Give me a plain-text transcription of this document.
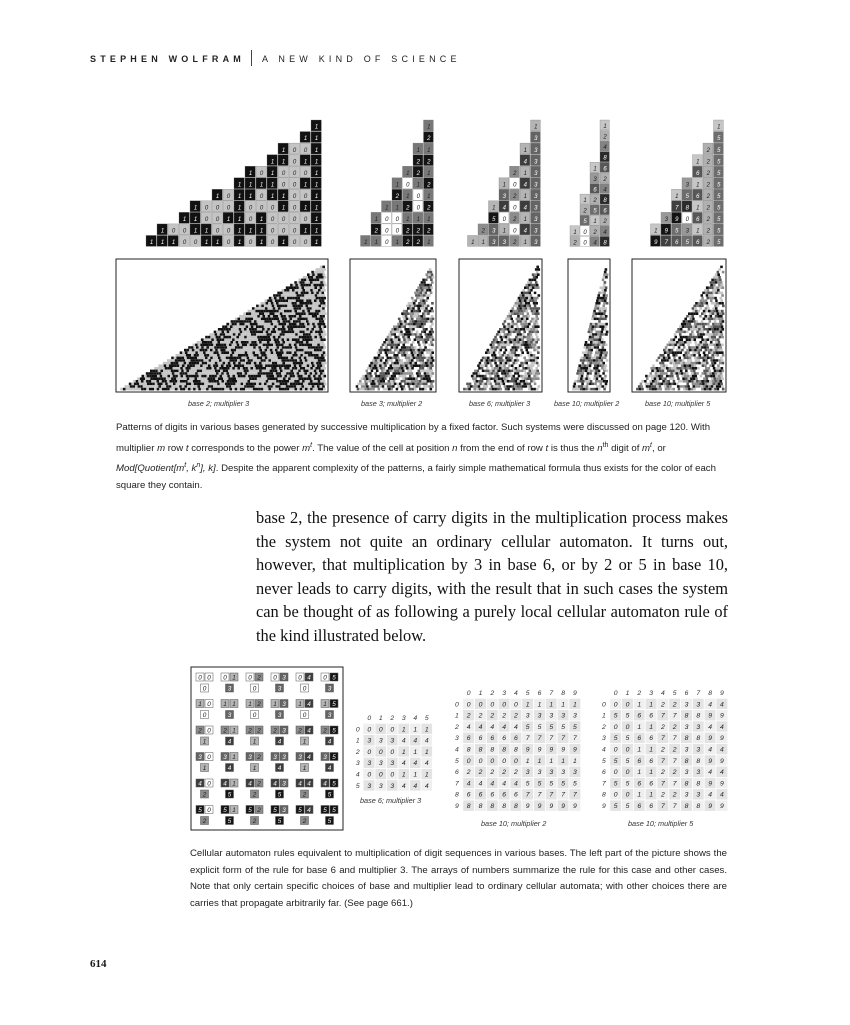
STEPHEN WOLFRAM A NEW KIND OF SCIENCE
1
1 1
1 0 0 1
1 1 0 1 1
1 0 1 0 0 0 1
1 1 1 1 0 0 1 1
1 0 1 1 0 1 1 0 0 1
1 0 0 0 1 0 0 0 1 0 1 1
1 1 0 0 1 1 0 1 0 0 0 0 1
1 0 0 1 1 0 0 1 1 1 0 0 0 1 1
1 1 1 0 0 1 1 0 1 0 1 0 1 0 0 1
1
2
1 1
2 2
1 2 1
1 0 1 2
2 1 0 1
1 1 2 0 2
1 0 0 1 1 1
2 0 0 2 2 2
1 1 0 1 2 2 1
1
3
1 3
4 3
2 1 3
1 0 4 3
3 2 1 3
1 4 0 4 3
5 0 2 1 3
2 3 1 0 4 3
1 1 3 3 2 1 3
1
2
4
8
1 6
3 2
6 4
1 2 8
2 5 6
5 1 2
1 0 2 4
2 0 4 8
1
5
2 5
1 2 5
6 2 5
3 1 2 5
1 5 6 2 5
7 8 1 2 5
3 9 0 6 2 5
1 9 5 3 1 2 5
9 7 6 5 6 2 5
base 2; multiplier 3	base 3; multiplier 2	base 6; multiplier 3	base 10; multiplier 2	base 10; multiplier 5
Patterns of digits in various bases generated by successive multiplication by a fixed factor. Such systems were discussed on page 120. With multiplier m row t corresponds to the power $m^t$. The value of the cell at position n from the end of row t is thus the $n^{th}$ digit of $m^t$, or $Mod[Quotient[m^t$, $k^n$], k]. Despite the apparent complexity of the patterns, a fairly simple mathematical formula thus exists for the color of each square they contain.
base 2, the presence of carry digits in the multiplication process makes the system not quite an ordinary cellular automaton. It turns out, however, that multiplication by 3 in base 6, or by 2 or 5 in base 10, never leads to carry digits, with the result that in such cases the system can be thought of as following a purely local cellular automaton rule of the kind illustrated below.
0 0
0
0 1
3
0 2
0
0 3
3
0 4
0
0 5
3
1 0
0
1 1
3
1 2
0
1 3
3
1 4
0
1 5
3
2 0
1
2 1
4
2 2
1
2 3
4
2 4
1
2 5
4
3 0
1
3 1
4
3 2
1
3 3
4
3 4
1
3 5
4
4 0
2
4 1
5
4 2
2
4 3
5
4 4
2
4 5
5
5 0
2
5 1
5
5 2
2
5 3
5
5 4
2
5 5
5
0 1 2 3 4 5
0 0 0 0 1 1 1
1 3 3 3 4 4 4
2 0 0 0 1 1 1
3 3 3 3 4 4 4
4 0 0 0 1 1 1
5 3 3 3 4 4 4
0 1 2 3 4 5 6 7 8 9
0 0 0 0 0 0 1 1 1 1 1
1 2 2 2 2 2 3 3 3 3 3
2 4 4 4 4 4 5 5 5 5 5
3 6 6 6 6 6 7 7 7 7 7
4 8 8 8 8 8 9 9 9 9 9
5 0 0 0 0 0 1 1 1 1 1
6 2 2 2 2 2 3 3 3 3 3
7 4 4 4 4 4 5 5 5 5 5
8 6 6 6 6 6 7 7 7 7 7
9 8 8 8 8 8 9 9 9 9 9
0 1 2 3 4 5 6 7 8 9
0 0 0 1 1 2 2 3 3 4 4
1 5 5 6 6 7 7 8 8 9 9
2 0 0 1 1 2 2 3 3 4 4
3 5 5 6 6 7 7 8 8 9 9
4 0 0 1 1 2 2 3 3 4 4
5 5 5 6 6 7 7 8 8 9 9
6 0 0 1 1 2 2 3 3 4 4
7 5 5 6 6 7 7 8 8 9 9
8 0 0 1 1 2 2 3 3 4 4
9 5 5 6 6 7 7 8 8 9 9
base 6; multiplier 3
base 10; multiplier 2	base 10; multiplier 5
Cellular automaton rules equivalent to multiplication of digit sequences in various bases. The left part of the picture shows the explicit form of the rule for base 6 and multiplier 3. The arrays of numbers summarize the rule for this case and other cases. Note that only certain specific choices of base and multiplier lead to ordinary cellular automata; with other choices there are carries that propagate arbitrarily far. (See page 661.)
614
